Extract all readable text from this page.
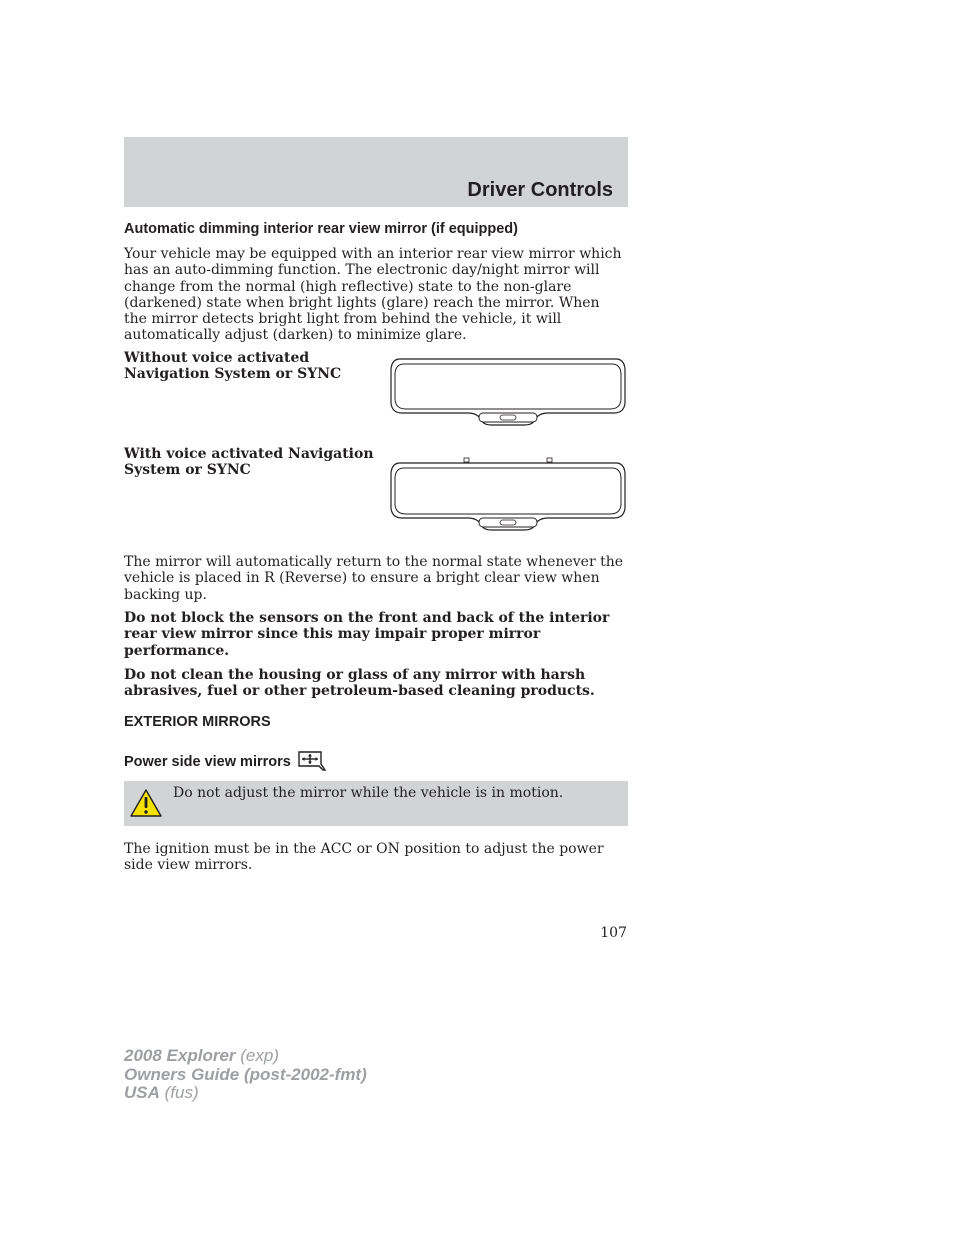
Driver Controls
Automatic dimming interior rear view mirror (if equipped)

Your vehicle may be equipped with an interior rear view mirror which has an auto-dimming function. The electronic day/night mirror will change from the normal (high reflective) state to the non-glare (darkened) state when bright lights (glare) reach the mirror. When the mirror detects bright light from behind the vehicle, it will automatically adjust (darken) to minimize glare.

Without voice activated
Navigation System or SYNC
With voice activated Navigation
System or SYNC

The mirror will automatically return to the normal state whenever the vehicle is placed in R (Reverse) to ensure a bright clear view when backing up.

Do not block the sensors on the front and back of the interior rear view mirror since this may impair proper mirror performance.

Do not clean the housing or glass of any mirror with harsh abrasives, fuel or other petroleum-based cleaning products.

EXTERIOR MIRRORS
Power side view mirrors
Do not adjust the mirror while the vehicle is in motion.

The ignition must be in the ACC or ON position to adjust the power side view mirrors.

107
2008 Explorer (exp)
Owners Guide (post-2002-fmt)
USA (fus)
